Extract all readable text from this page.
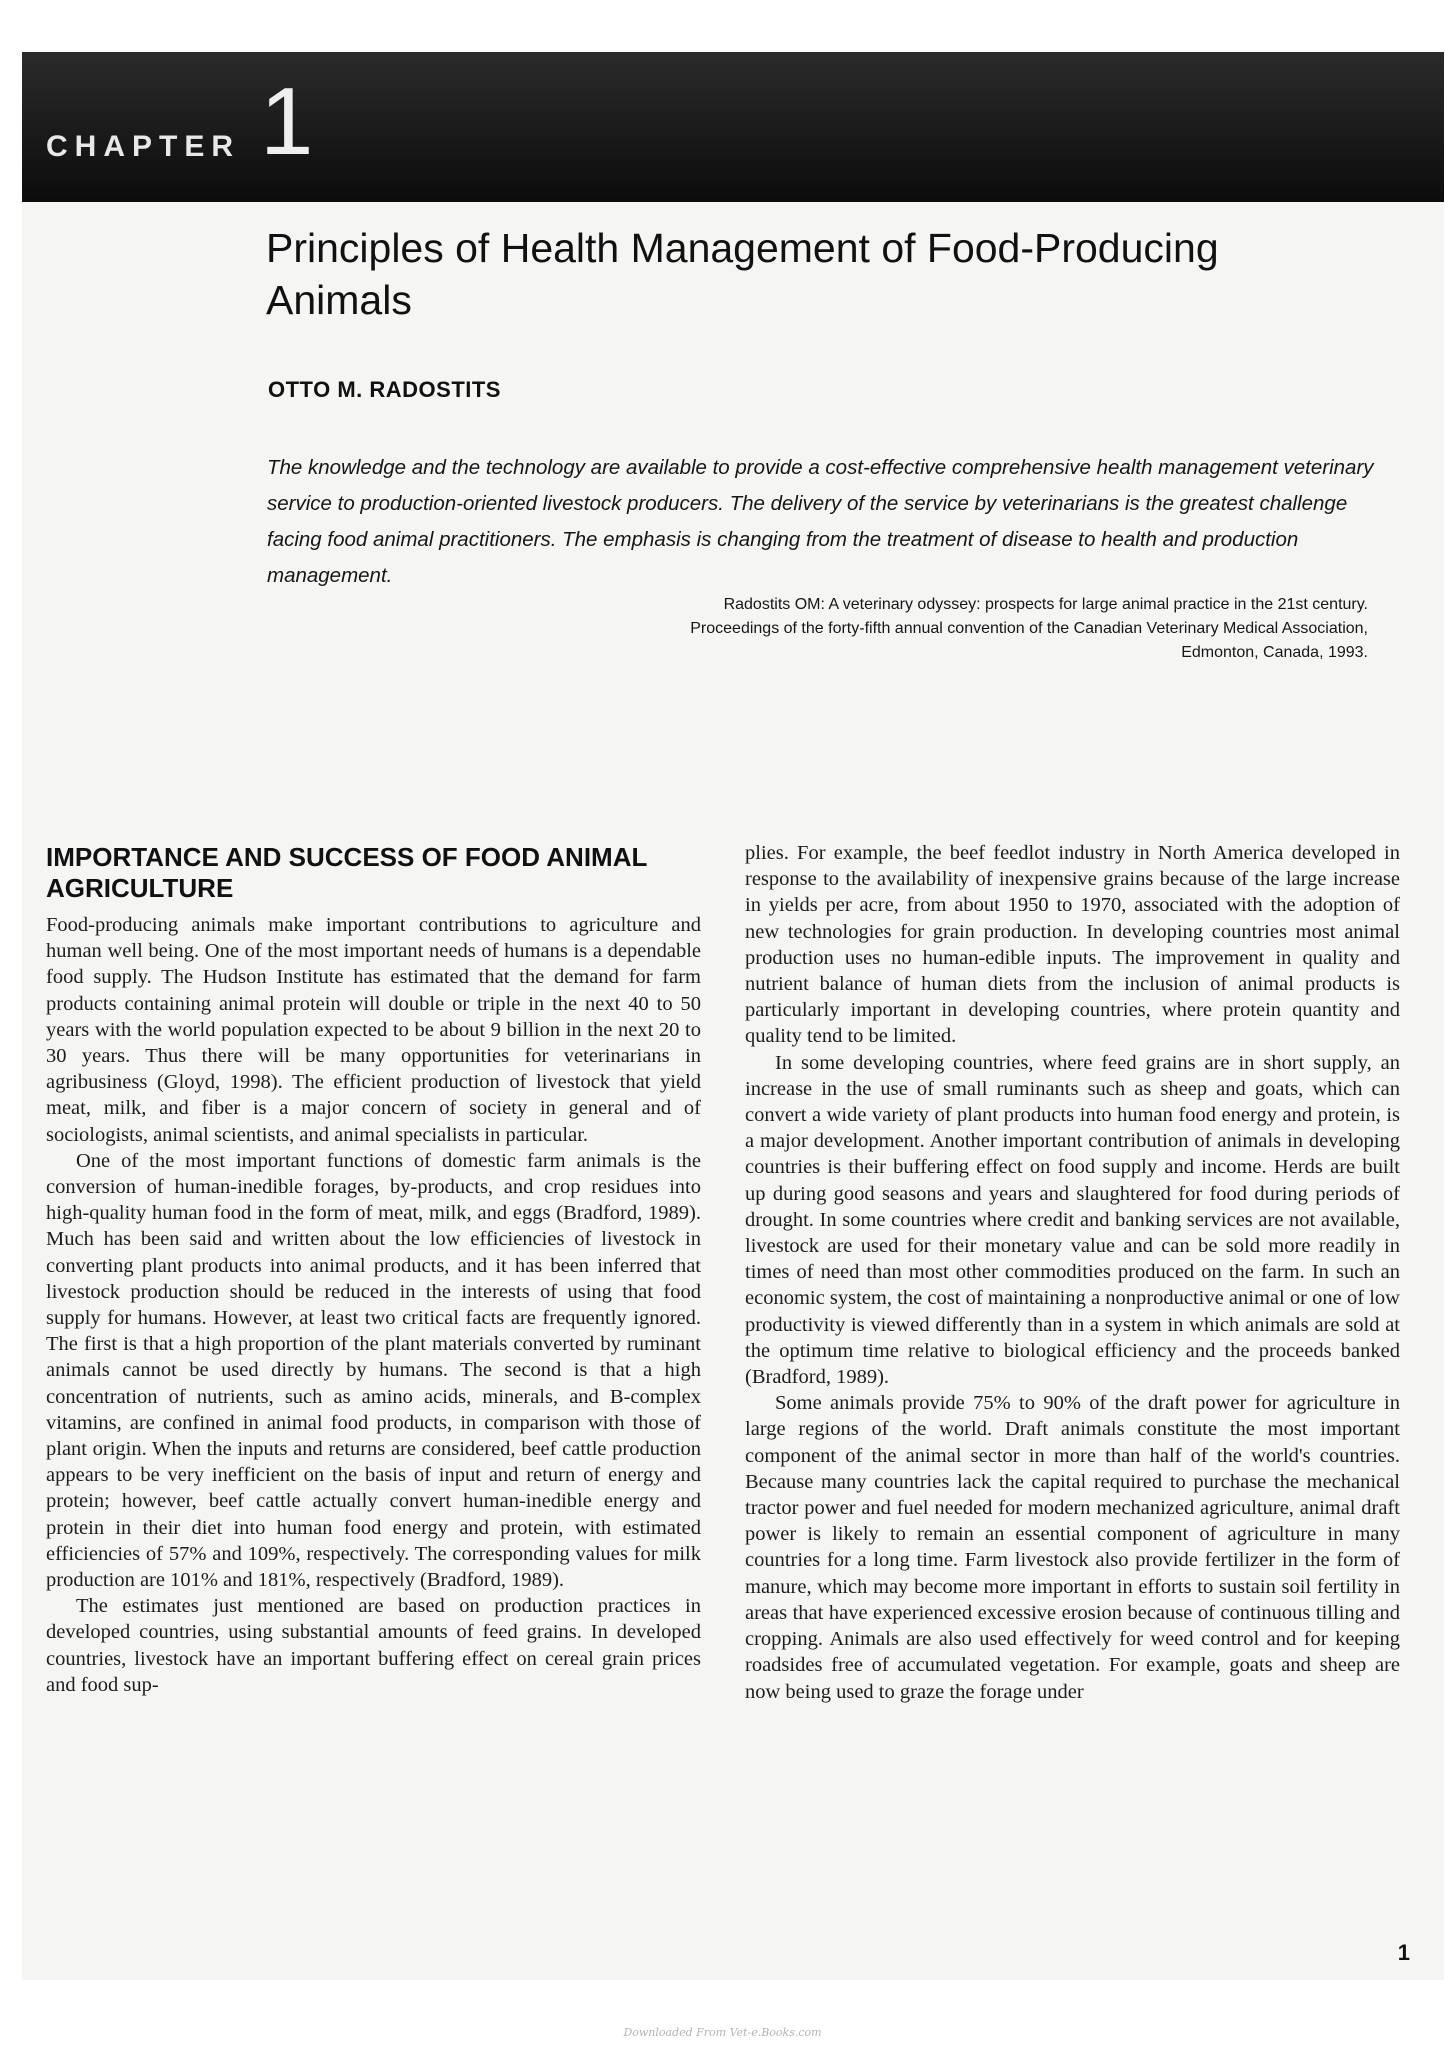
CHAPTER 1
Principles of Health Management of Food-Producing Animals
OTTO M. RADOSTITS

The knowledge and the technology are available to provide a cost-effective comprehensive health management veterinary service to production-oriented livestock producers. The delivery of the service by veterinarians is the greatest challenge facing food animal practitioners. The emphasis is changing from the treatment of disease to health and production management.

Radostits OM: A veterinary odyssey: prospects for large animal practice in the 21st century.
Proceedings of the forty-fifth annual convention of the Canadian Veterinary Medical Association,
Edmonton, Canada, 1993.
IMPORTANCE AND SUCCESS OF FOOD ANIMAL AGRICULTURE

Food-producing animals make important contributions to agriculture and human well being. One of the most important needs of humans is a dependable food supply. The Hudson Institute has estimated that the demand for farm products containing animal protein will double or triple in the next 40 to 50 years with the world population expected to be about 9 billion in the next 20 to 30 years. Thus there will be many opportunities for veterinarians in agribusiness (Gloyd, 1998). The efficient production of livestock that yield meat, milk, and fiber is a major concern of society in general and of sociologists, animal scientists, and animal specialists in particular.

One of the most important functions of domestic farm animals is the conversion of human-inedible forages, by-products, and crop residues into high-quality human food in the form of meat, milk, and eggs (Bradford, 1989). Much has been said and written about the low efficiencies of livestock in converting plant products into animal products, and it has been inferred that livestock production should be reduced in the interests of using that food supply for humans. However, at least two critical facts are frequently ignored. The first is that a high proportion of the plant materials converted by ruminant animals cannot be used directly by humans. The second is that a high concentration of nutrients, such as amino acids, minerals, and B-complex vitamins, are confined in animal food products, in comparison with those of plant origin. When the inputs and returns are considered, beef cattle production appears to be very inefficient on the basis of input and return of energy and protein; however, beef cattle actually convert human-inedible energy and protein in their diet into human food energy and protein, with estimated efficiencies of 57% and 109%, respectively. The corresponding values for milk production are 101% and 181%, respectively (Bradford, 1989).

The estimates just mentioned are based on production practices in developed countries, using substantial amounts of feed grains. In developed countries, livestock have an important buffering effect on cereal grain prices and food sup-

plies. For example, the beef feedlot industry in North America developed in response to the availability of inexpensive grains because of the large increase in yields per acre, from about 1950 to 1970, associated with the adoption of new technologies for grain production. In developing countries most animal production uses no human-edible inputs. The improvement in quality and nutrient balance of human diets from the inclusion of animal products is particularly important in developing countries, where protein quantity and quality tend to be limited.

In some developing countries, where feed grains are in short supply, an increase in the use of small ruminants such as sheep and goats, which can convert a wide variety of plant products into human food energy and protein, is a major development. Another important contribution of animals in developing countries is their buffering effect on food supply and income. Herds are built up during good seasons and years and slaughtered for food during periods of drought. In some countries where credit and banking services are not available, livestock are used for their monetary value and can be sold more readily in times of need than most other commodities produced on the farm. In such an economic system, the cost of maintaining a nonproductive animal or one of low productivity is viewed differently than in a system in which animals are sold at the optimum time relative to biological efficiency and the proceeds banked (Bradford, 1989).

Some animals provide 75% to 90% of the draft power for agriculture in large regions of the world. Draft animals constitute the most important component of the animal sector in more than half of the world's countries. Because many countries lack the capital required to purchase the mechanical tractor power and fuel needed for modern mechanized agriculture, animal draft power is likely to remain an essential component of agriculture in many countries for a long time. Farm livestock also provide fertilizer in the form of manure, which may become more important in efforts to sustain soil fertility in areas that have experienced excessive erosion because of continuous tilling and cropping. Animals are also used effectively for weed control and for keeping roadsides free of accumulated vegetation. For example, goats and sheep are now being used to graze the forage under

1
Downloaded From Vet-e.Books.com
